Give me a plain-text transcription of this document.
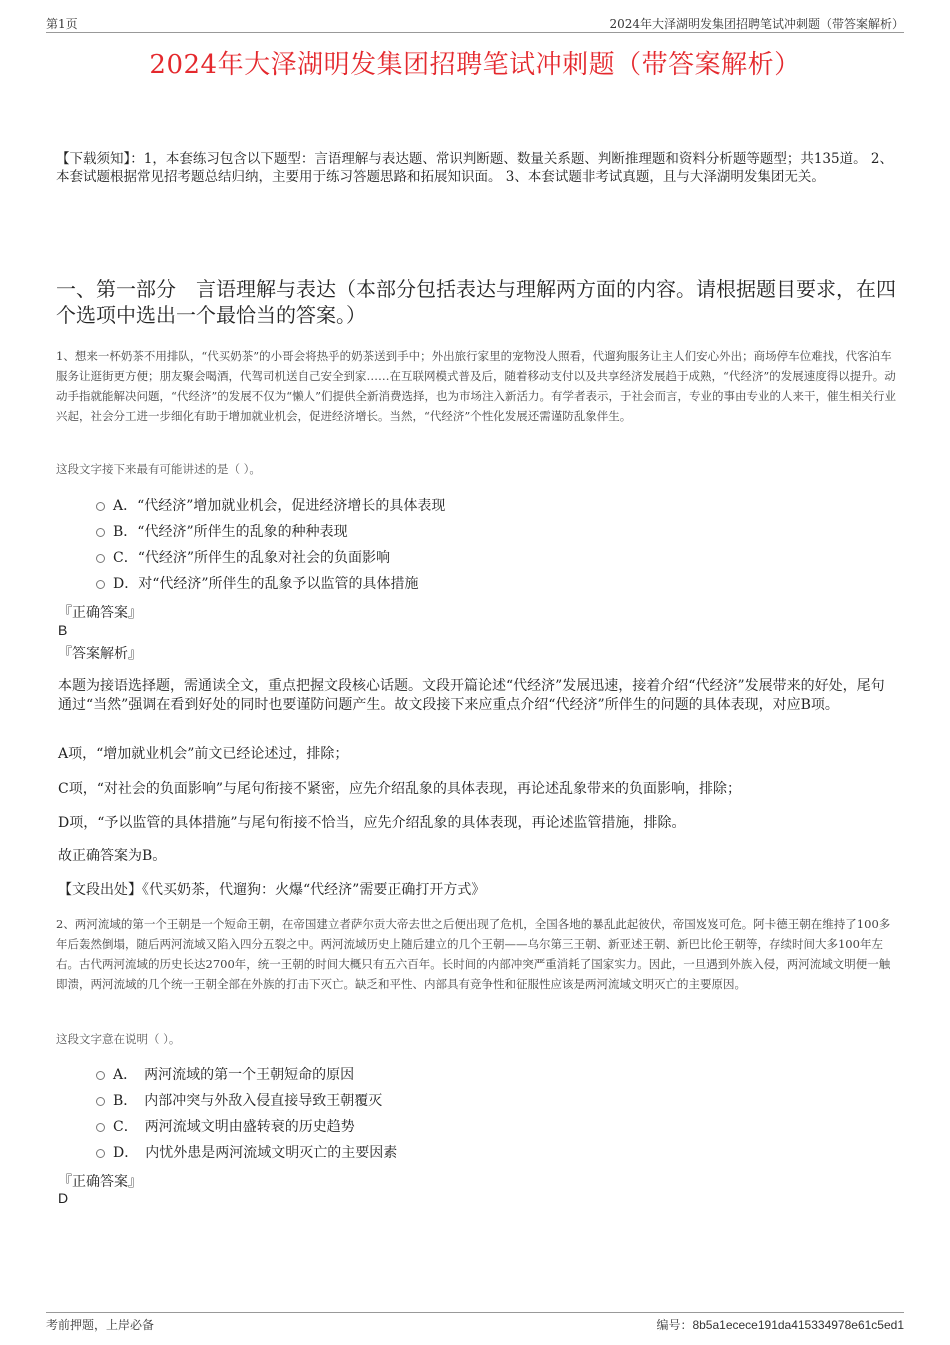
第1页	2024年大泽湖明发集团招聘笔试冲刺题（带答案解析）
2024年大泽湖明发集团招聘笔试冲刺题（带答案解析）
【下载须知】：1，本套练习包含以下题型：言语理解与表达题、常识判断题、数量关系题、判断推理题和资料分析题等题型；共135道。 2、本套试题根据常见招考题总结归纳，主要用于练习答题思路和拓展知识面。 3、本套试题非考试真题，且与大泽湖明发集团无关。
一、第一部分　言语理解与表达（本部分包括表达与理解两方面的内容。请根据题目要求，在四个选项中选出一个最恰当的答案。）
1、想来一杯奶茶不用排队，“代买奶茶”的小哥会将热乎的奶茶送到手中；外出旅行家里的宠物没人照看，代遛狗服务让主人们安心外出；商场停车位难找，代客泊车服务让逛街更方便；朋友聚会喝酒，代驾司机送自己安全到家……在互联网模式普及后，随着移动支付以及共享经济发展趋于成熟，“代经济”的发展速度得以提升。动动手指就能解决问题，“代经济”的发展不仅为“懒人”们提供全新消费选择，也为市场注入新活力。有学者表示，于社会而言，专业的事由专业的人来干，催生相关行业兴起，社会分工进一步细化有助于增加就业机会，促进经济增长。当然，“代经济”个性化发展还需谨防乱象伴生。
这段文字接下来最有可能讲述的是（ ）。
A．“代经济”增加就业机会，促进经济增长的具体表现
B．“代经济”所伴生的乱象的种种表现
C．“代经济”所伴生的乱象对社会的负面影响
D．对“代经济”所伴生的乱象予以监管的具体措施
『正确答案』
B
『答案解析』
本题为接语选择题，需通读全文，重点把握文段核心话题。文段开篇论述“代经济”发展迅速，接着介绍“代经济”发展带来的好处，尾句通过“当然”强调在看到好处的同时也要谨防问题产生。故文段接下来应重点介绍“代经济”所伴生的问题的具体表现，对应B项。
A项，“增加就业机会”前文已经论述过，排除；
C项，“对社会的负面影响”与尾句衔接不紧密，应先介绍乱象的具体表现，再论述乱象带来的负面影响，排除；
D项，“予以监管的具体措施”与尾句衔接不恰当，应先介绍乱象的具体表现，再论述监管措施，排除。
故正确答案为B。
【文段出处】《代买奶茶，代遛狗：火爆“代经济”需要正确打开方式》
2、两河流域的第一个王朝是一个短命王朝，在帝国建立者萨尔贡大帝去世之后便出现了危机，全国各地的暴乱此起彼伏，帝国岌岌可危。阿卡德王朝在维持了100多年后轰然倒塌，随后两河流域又陷入四分五裂之中。两河流域历史上随后建立的几个王朝——乌尔第三王朝、新亚述王朝、新巴比伦王朝等，存续时间大多100年左右。古代两河流域的历史长达2700年，统一王朝的时间大概只有五六百年。长时间的内部冲突严重消耗了国家实力。因此，一旦遇到外族入侵，两河流域文明便一触即溃，两河流域的几个统一王朝全部在外族的打击下灭亡。缺乏和平性、内部具有竞争性和征服性应该是两河流域文明灭亡的主要原因。
这段文字意在说明（ ）。
A．　两河流域的第一个王朝短命的原因
B．　内部冲突与外敌入侵直接导致王朝覆灭
C．　两河流域文明由盛转衰的历史趋势
D．　内忧外患是两河流域文明灭亡的主要因素
『正确答案』
D
考前押题，上岸必备	编号：8b5a1ecece191da415334978e61c5ed1
